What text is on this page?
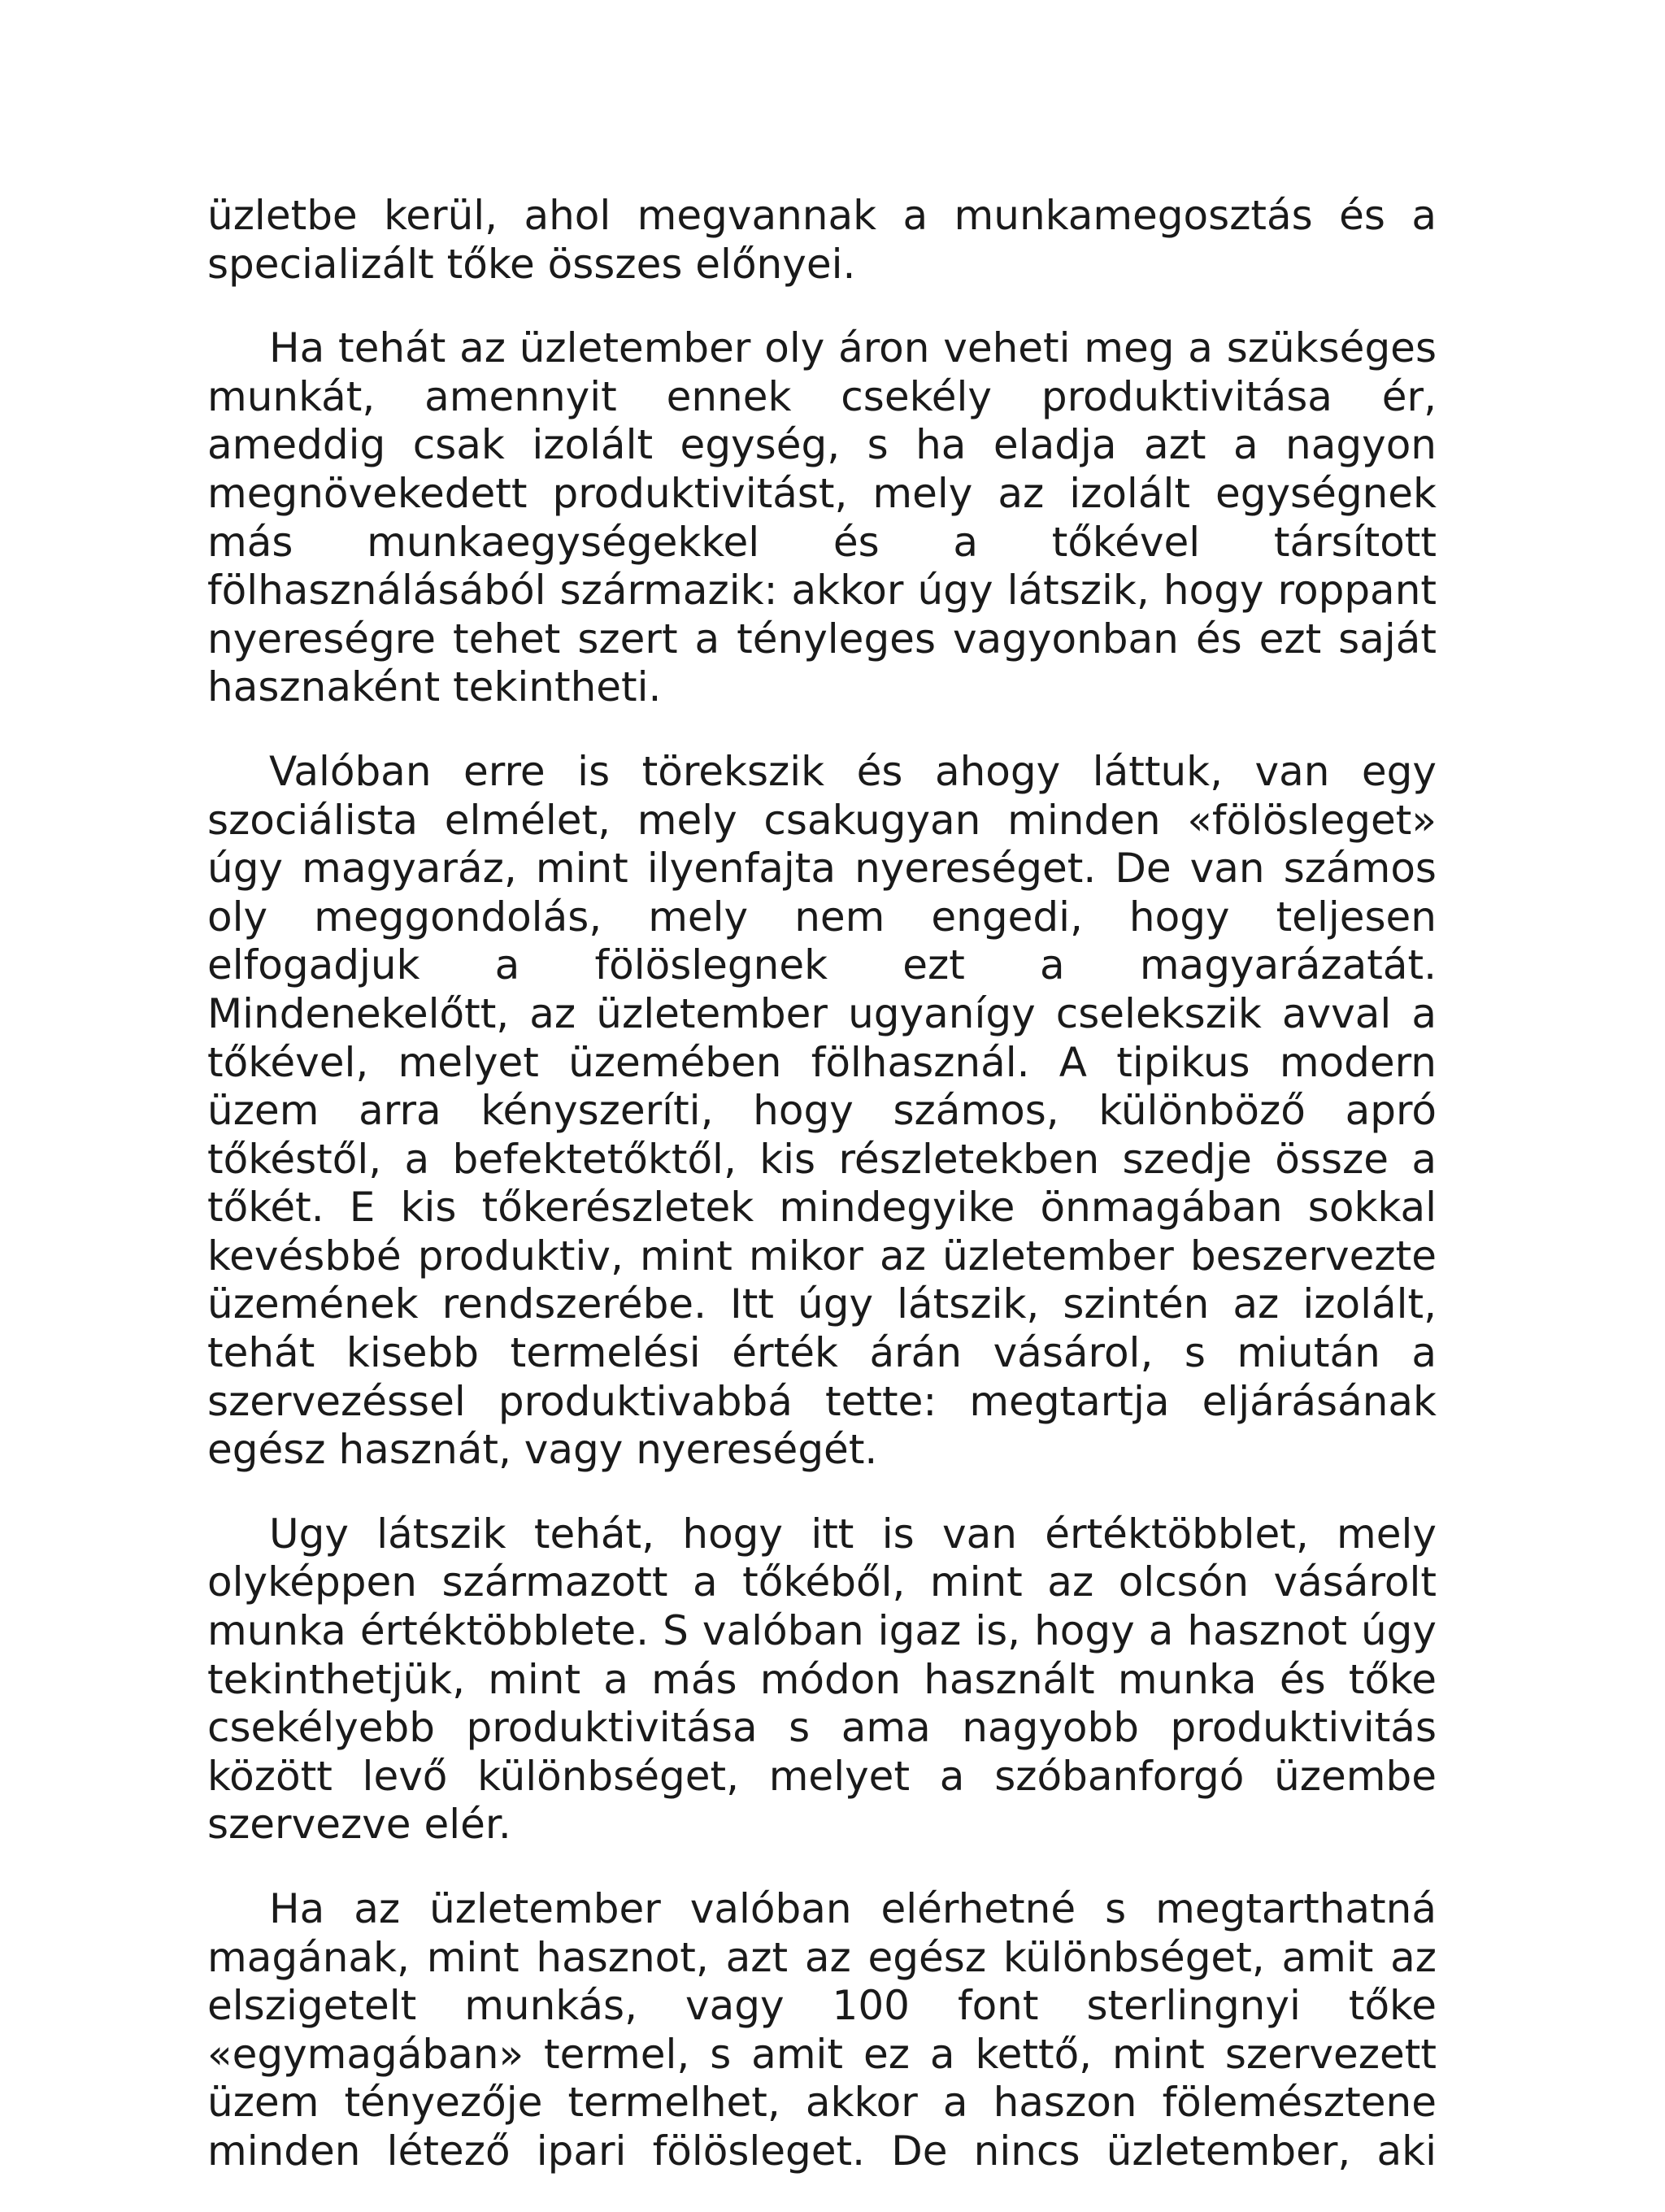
üzletbe kerül, ahol megvannak a munkamegosztás és a specializált tőke összes előnyei.

Ha tehát az üzletember oly áron veheti meg a szükséges munkát, amennyit ennek csekély produktivitása ér, ameddig csak izolált egység, s ha eladja azt a nagyon megnövekedett produktivitást, mely az izolált egységnek más munkaegységekkel és a tőkével társított fölhasználásából származik: akkor úgy látszik, hogy roppant nyereségre tehet szert a tényleges vagyonban és ezt saját hasznaként tekintheti.

Valóban erre is törekszik és ahogy láttuk, van egy szociálista elmélet, mely csakugyan minden «fölösleget» úgy magyaráz, mint ilyenfajta nyereséget. De van számos oly meggondolás, mely nem engedi, hogy teljesen elfogadjuk a fölöslegnek ezt a magyarázatát. Mindenekelőtt, az üzletember ugyanígy cselekszik avval a tőkével, melyet üzemében fölhasznál. A tipikus modern üzem arra kényszeríti, hogy számos, különböző apró tőkéstől, a befektetőktől, kis részletekben szedje össze a tőkét. E kis tőkerészletek mindegyike önmagában sokkal kevésbbé produktiv, mint mikor az üzletember beszervezte üzemének rendszerébe. Itt úgy látszik, szintén az izolált, tehát kisebb termelési érték árán vásárol, s miután a szervezéssel produktivabbá tette: megtartja eljárásának egész hasznát, vagy nyereségét.

Ugy látszik tehát, hogy itt is van értéktöbblet, mely olyképpen származott a tőkéből, mint az olcsón vásárolt munka értéktöbblete. S valóban igaz is, hogy a hasznot úgy tekinthetjük, mint a más módon használt munka és tőke csekélyebb produktivitása s ama nagyobb produktivitás között levő különbséget, melyet a szóbanforgó üzembe szervezve elér.

Ha az üzletember valóban elérhetné s megtarthatná magának, mint hasznot, azt az egész különbséget, amit az elszigetelt munkás, vagy 100 font sterlingnyi tőke «egymagában» termel, s amit ez a kettő, mint szervezett üzem tényezője termelhet, akkor a haszon fölemésztene minden létező ipari fölösleget. De nincs üzletember, aki
